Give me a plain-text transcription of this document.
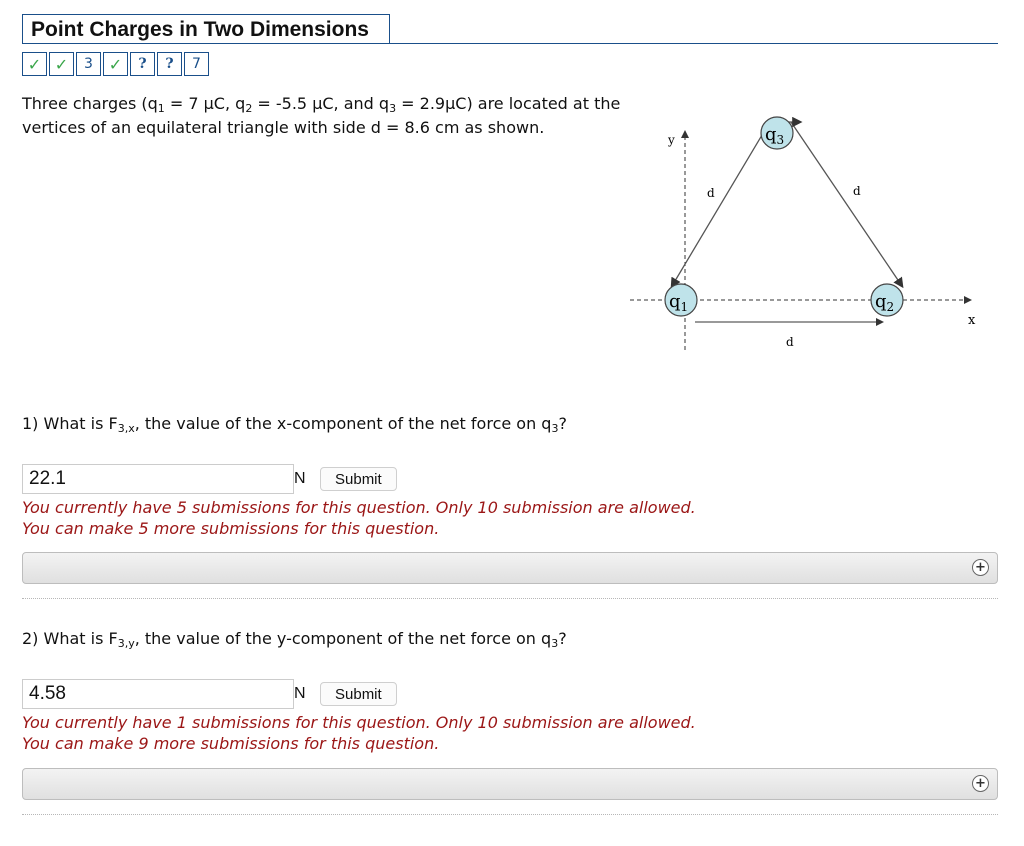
Point Charges in Two Dimensions
✓ ✓	3 ✓	?	?	7
Three charges ($q_1 = 7$ μC, $q_2 = -5.5$ μC, and $q_3 = 2.9\mu C$) are located at the
vertices of an equilateral triangle with side d = 8.6 cm as shown.
x
y
d	d
d
$q_3$
$q_1$	$q_2$
1) What is $F_{3,x}$, the value of the x-component of the net force on $q_3$?
22.1	N	Submit
You currently have 5 submissions for this question. Only 10 submission are allowed.
You can make 5 more submissions for this question.
+
2) What is $F_{3,y}$, the value of the y-component of the net force on $q_3$?
4.58	N	Submit
You currently have 1 submissions for this question. Only 10 submission are allowed.
You can make 9 more submissions for this question.
+
